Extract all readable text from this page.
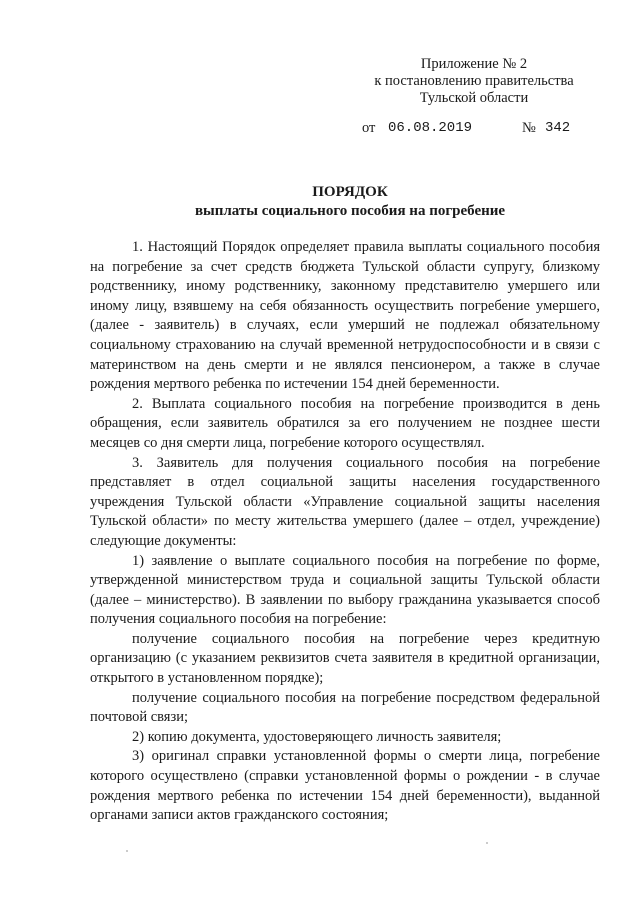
Приложение № 2
к постановлению правительства
Тульской области
от 06.08.2019	№ 342
ПОРЯДОК
выплаты социального пособия на погребение

1. Настоящий Порядок определяет правила выплаты социального пособия на погребение за счет средств бюджета Тульской области супругу, близкому родственнику, иному родственнику, законному представителю умершего или иному лицу, взявшему на себя обязанность осуществить погребение умершего, (далее - заявитель) в случаях, если умерший не подлежал обязательному социальному страхованию на случай временной нетрудоспособности и в связи с материнством на день смерти и не являлся пенсионером, а также в случае рождения мертвого ребенка по истечении 154 дней беременности.

2. Выплата социального пособия на погребение производится в день обращения, если заявитель обратился за его получением не позднее шести месяцев со дня смерти лица, погребение которого осуществлял.

3. Заявитель для получения социального пособия на погребение представляет в отдел социальной защиты населения государственного учреждения Тульской области «Управление социальной защиты населения Тульской области» по месту жительства умершего (далее – отдел, учреждение) следующие документы:

1) заявление о выплате социального пособия на погребение по форме, утвержденной министерством труда и социальной защиты Тульской области (далее – министерство). В заявлении по выбору гражданина указывается способ получения социального пособия на погребение:

получение социального пособия на погребение через кредитную организацию (с указанием реквизитов счета заявителя в кредитной организации, открытого в установленном порядке);

получение социального пособия на погребение посредством федеральной почтовой связи;

2) копию документа, удостоверяющего личность заявителя;

3) оригинал справки установленной формы о смерти лица, погребение которого осуществлено (справки установленной формы о рождении - в случае рождения мертвого ребенка по истечении 154 дней беременности), выданной органами записи актов гражданского состояния;
